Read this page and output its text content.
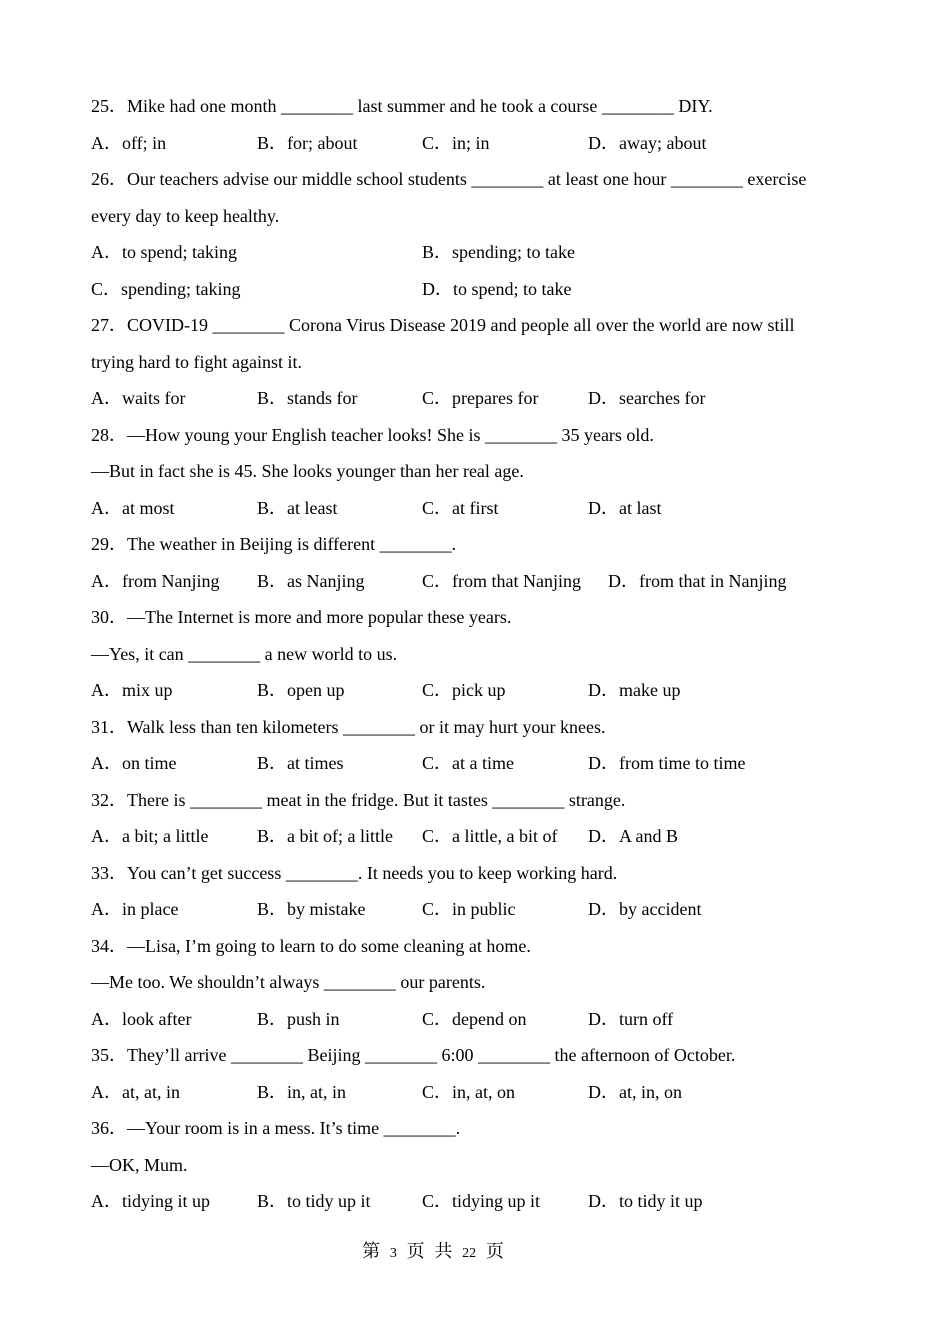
25．Mike had one month ________ last summer and he took a course ________ DIY.
A．off; in	B．for; about	C．in; in	D．away; about
26．Our teachers advise our middle school students ________ at least one hour ________ exercise
every day to keep healthy.
A．to spend; taking	B．spending; to take
C．spending; taking	D．to spend; to take
27．COVID-19 ________ Corona Virus Disease 2019 and people all over the world are now still
trying hard to fight against it.
A．waits for	B．stands for	C．prepares for	D．searches for
28．—How young your English teacher looks! She is ________ 35 years old.
—But in fact she is 45. She looks younger than her real age.
A．at most	B．at least	C．at first	D．at last
29．The weather in Beijing is different ________.
A．from Nanjing B．as Nanjing	C．from that Nanjing D．from that in Nanjing
30．—The Internet is more and more popular these years.
—Yes, it can ________ a new world to us.
A．mix up	B．open up	C．pick up	D．make up
31．Walk less than ten kilometers ________ or it may hurt your knees.
A．on time	B．at times	C．at a time	D．from time to time
32．There is ________ meat in the fridge. But it tastes ________ strange.
A．a bit; a little	B．a bit of; a little C．a little, a bit of D．A and B
33．You can’t get success ________. It needs you to keep working hard.
A．in place	B．by mistake	C．in public	D．by accident
34．—Lisa, I’m going to learn to do some cleaning at home.
—Me too. We shouldn’t always ________ our parents.
A．look after	B．push in	C．depend on	D．turn off
35．They’ll arrive ________ Beijing ________ 6:00 ________ the afternoon of October.
A．at, at, in	B．in, at, in	C．in, at, on	D．at, in, on
36．—Your room is in a mess. It’s time ________.
—OK, Mum.
A．tidying it up	B．to tidy up it	C．tidying up it	D．to tidy it up
第 3 页 共 22 页
